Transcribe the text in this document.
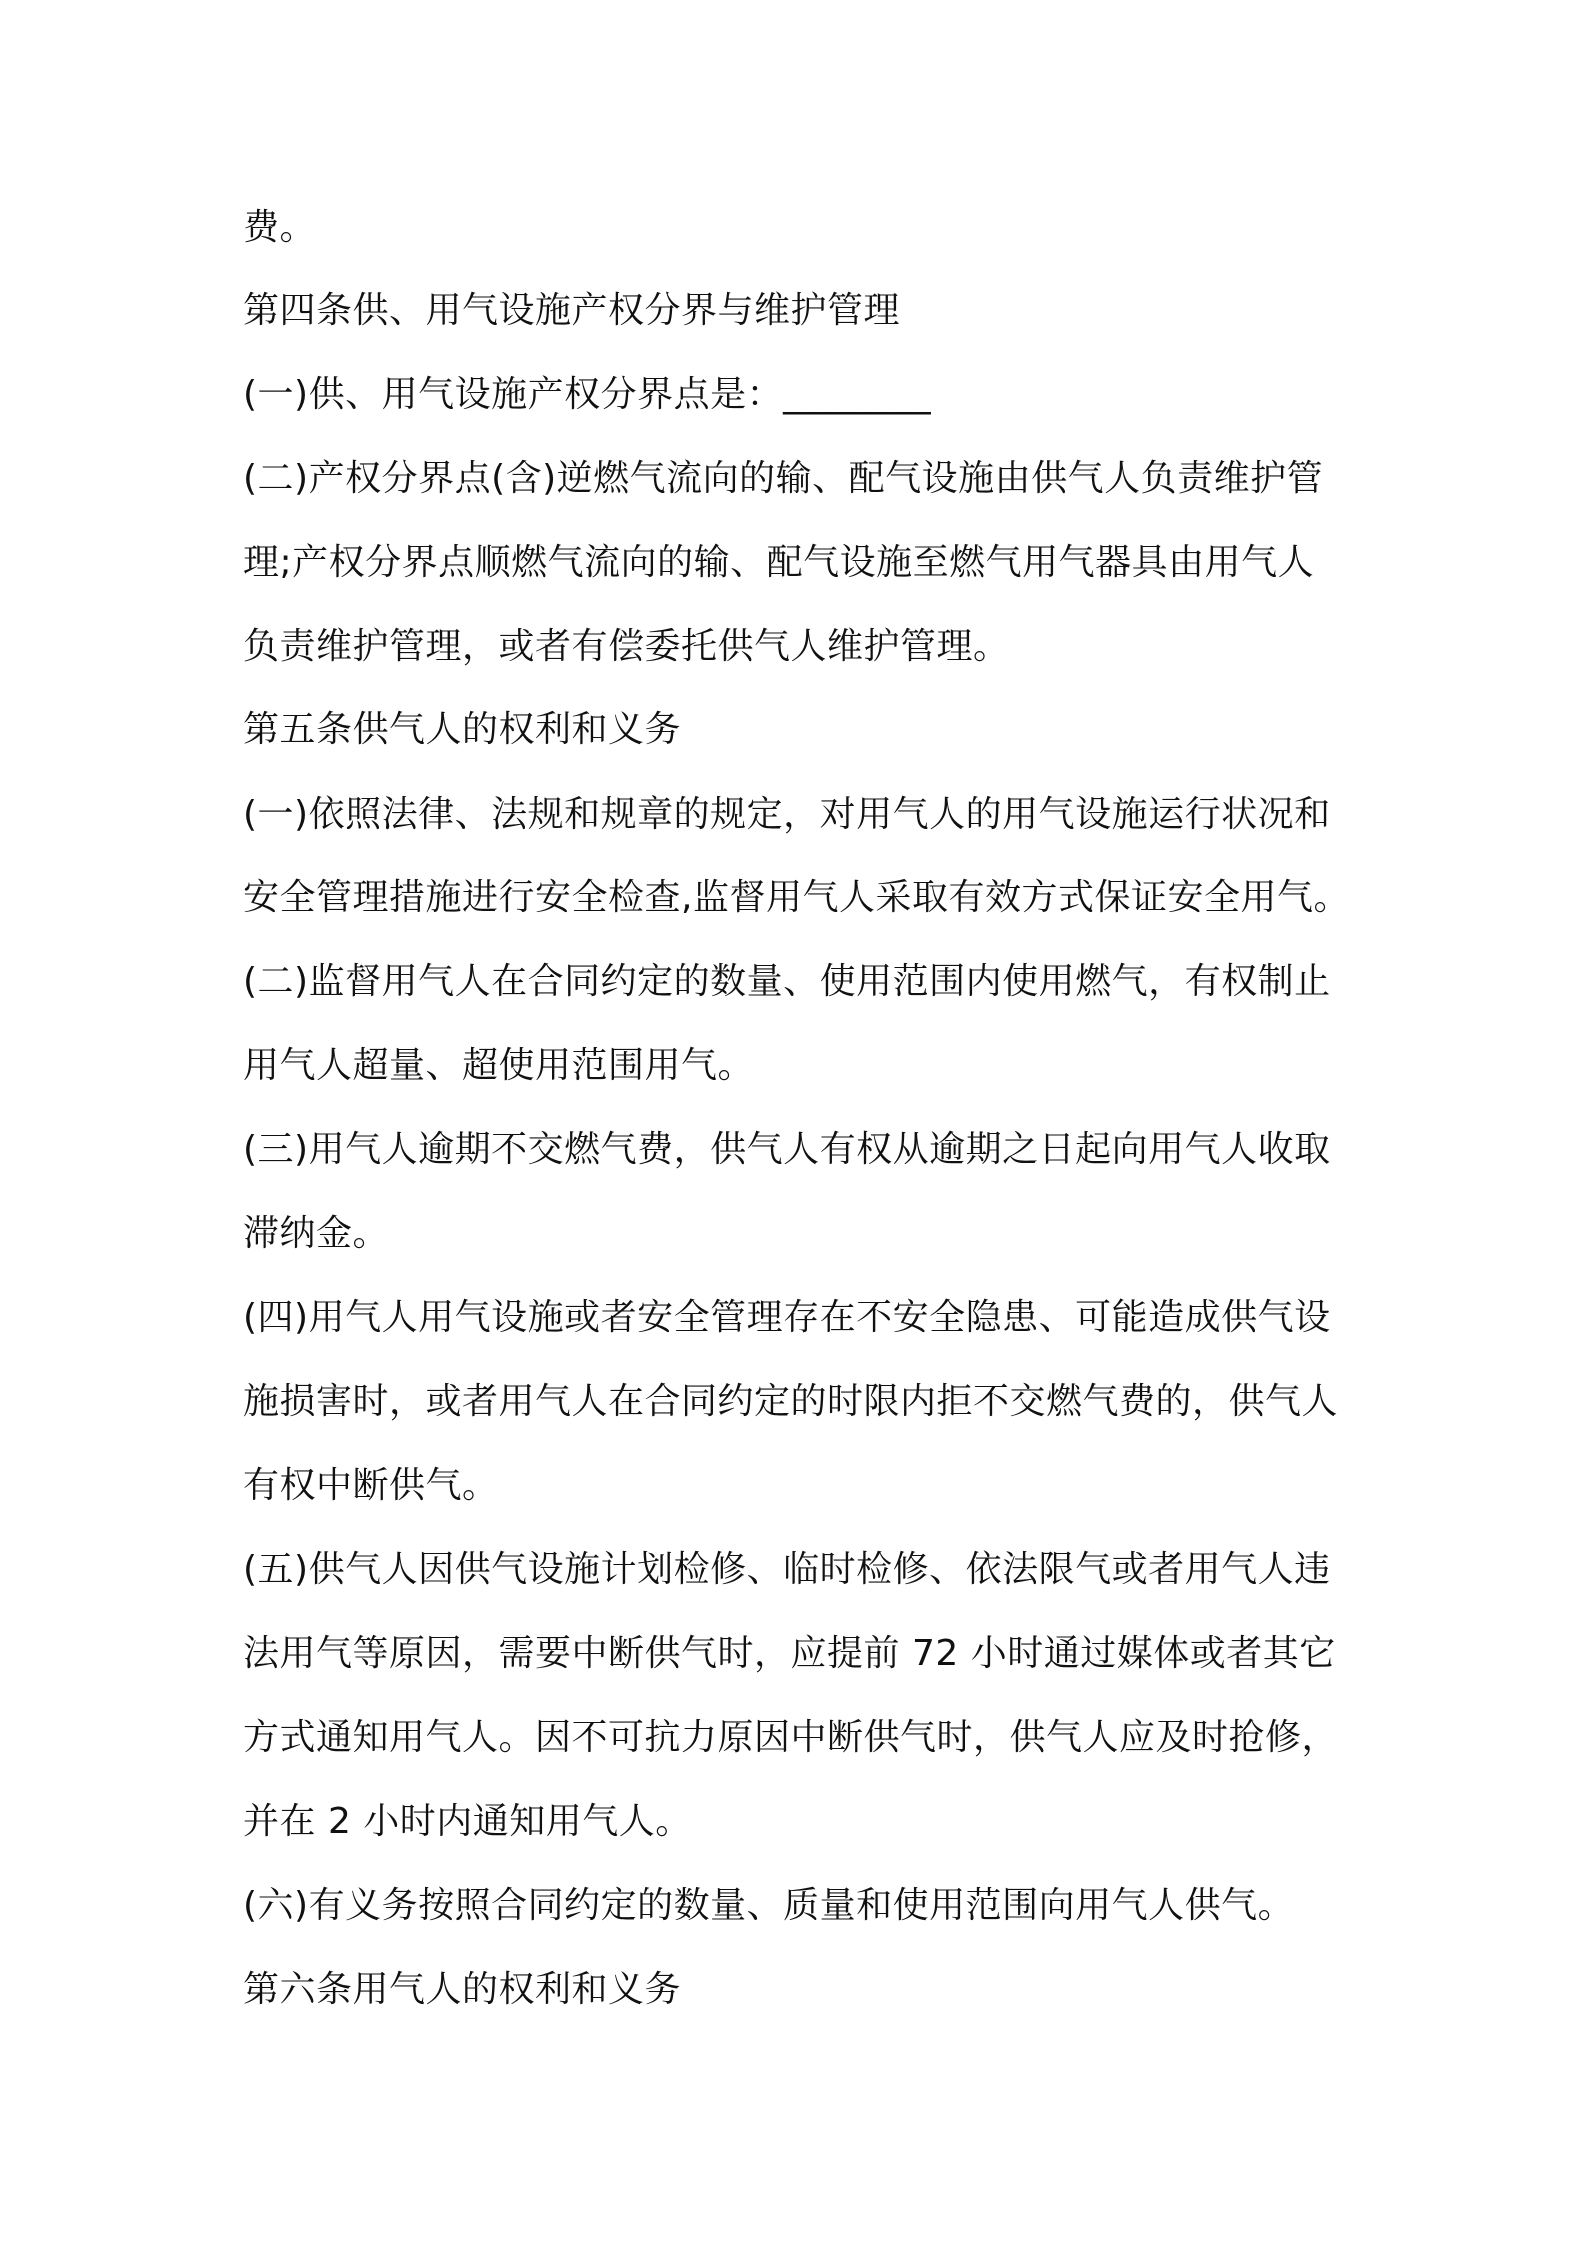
费。
第四条供、用气设施产权分界与维护管理
(一)供、用气设施产权分界点是：________
(二)产权分界点(含)逆燃气流向的输、配气设施由供气人负责维护管
理;产权分界点顺燃气流向的输、配气设施至燃气用气器具由用气人
负责维护管理，或者有偿委托供气人维护管理。
第五条供气人的权利和义务
(一)依照法律、法规和规章的规定，对用气人的用气设施运行状况和
安全管理措施进行安全检查,监督用气人采取有效方式保证安全用气。
(二)监督用气人在合同约定的数量、使用范围内使用燃气，有权制止
用气人超量、超使用范围用气。
(三)用气人逾期不交燃气费，供气人有权从逾期之日起向用气人收取
滞纳金。
(四)用气人用气设施或者安全管理存在不安全隐患、可能造成供气设
施损害时，或者用气人在合同约定的时限内拒不交燃气费的，供气人
有权中断供气。
(五)供气人因供气设施计划检修、临时检修、依法限气或者用气人违
法用气等原因，需要中断供气时，应提前 72 小时通过媒体或者其它
方式通知用气人。因不可抗力原因中断供气时，供气人应及时抢修，
并在 2 小时内通知用气人。
(六)有义务按照合同约定的数量、质量和使用范围向用气人供气。
第六条用气人的权利和义务
